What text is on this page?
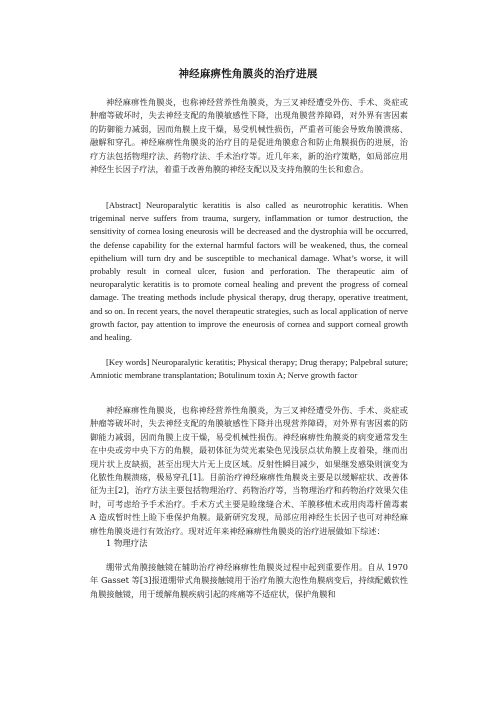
神经麻痹性角膜炎的治疗进展

神经麻痹性角膜炎，也称神经营养性角膜炎，为三叉神经遭受外伤、手术、炎症或肿瘤等破坏时，失去神经支配的角膜敏感性下降，出现角膜营养障碍，对外界有害因素的防御能力减弱，因而角膜上皮干燥，易受机械性损伤，严重者可能会导致角膜溃疡、融解和穿孔。神经麻痹性角膜炎的治疗目的是促进角膜愈合和防止角膜损伤的进展，治疗方法包括物理疗法、药物疗法、手术治疗等。近几年来，新的治疗策略，如局部应用神经生长因子疗法，着重于改善角膜的神经支配以及支持角膜的生长和愈合。

[Abstract] Neuroparalytic keratitis is also called as neurotrophic keratitis. When trigeminal nerve suffers from trauma, surgery, inflammation or tumor destruction, the sensitivity of cornea losing eneurosis will be decreased and the dystrophia will be occurred, the defense capability for the external harmful factors will be weakened, thus, the corneal epithelium will turn dry and be susceptible to mechanical damage. What’s worse, it will probably result in corneal ulcer, fusion and perforation. The therapeutic aim of neuroparalytic keratitis is to promote corneal healing and prevent the progress of corneal damage. The treating methods include physical therapy, drug therapy, operative treatment, and so on. In recent years, the novel therapeutic strategies, such as local application of nerve growth factor, pay attention to improve the eneurosis of cornea and support corneal growth and healing.

[Key words] Neuroparalytic keratitis; Physical therapy; Drug therapy; Palpebral suture; Amniotic membrane transplantation; Botulinum toxin A; Nerve growth factor

神经麻痹性角膜炎，也称神经营养性角膜炎，为三叉神经遭受外伤、手术、炎症或肿瘤等破坏时，失去神经支配的角膜敏感性下降并出现营养障碍，对外界有害因素的防御能力减弱，因而角膜上皮干燥，易受机械性损伤。神经麻痹性角膜炎的病变通常发生在中央或旁中央下方的角膜，最初体征为荧光素染色见浅层点状角膜上皮着染，继而出现片状上皮缺损，甚至出现大片无上皮区域。反射性瞬目减少，如果继发感染则演变为化脓性角膜溃疡，极易穿孔[1]。目前治疗神经麻痹性角膜炎主要是以缓解症状、改善体征为主[2]，治疗方法主要包括物理治疗、药物治疗等，当物理治疗和药物治疗效果欠佳时，可考虑给予手术治疗。手术方式主要是睑缘缝合术、羊膜移植术或用肉毒杆菌毒素 A 造成暂时性上睑下垂保护角膜。最新研究发现，局部应用神经生长因子也可对神经麻痹性角膜炎进行有效治疗。现对近年来神经麻痹性角膜炎的治疗进展做如下综述：

1 物理疗法

绷带式角膜接触镜在辅助治疗神经麻痹性角膜炎过程中起到重要作用。自从 1970 年 Gasset 等[3]报道绷带式角膜接触镜用于治疗角膜大泡性角膜病变后，持续配戴软性角膜接触镜，用于缓解角膜疾病引起的疼痛等不适症状，保护角膜和
